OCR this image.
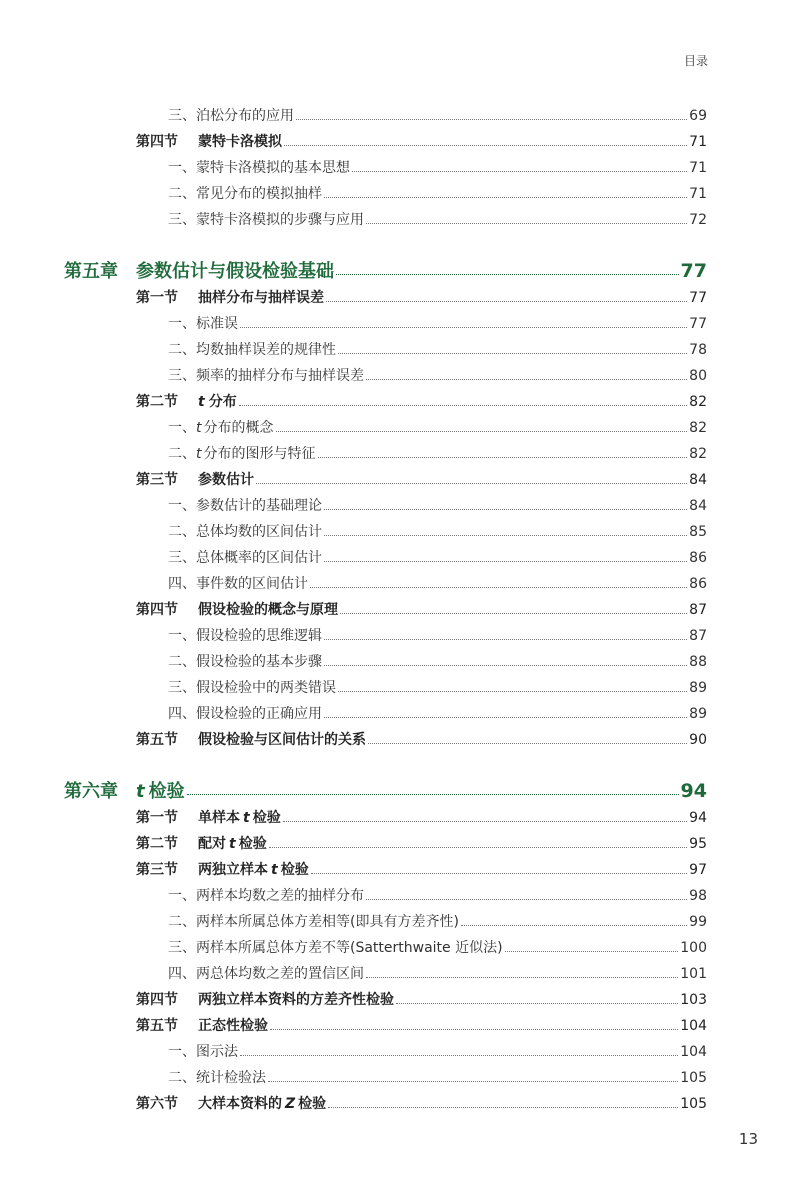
目录
三、泊松分布的应用	69
第四节 蒙特卡洛模拟	71
一、蒙特卡洛模拟的基本思想	71
二、常见分布的模拟抽样	71
三、蒙特卡洛模拟的步骤与应用	72
第五章 参数估计与假设检验基础	77
第一节 抽样分布与抽样误差	77
一、标准误	77
二、均数抽样误差的规律性	78
三、频率的抽样分布与抽样误差	80
第二节 t 分布	82
一、t 分布的概念	82
二、t 分布的图形与特征	82
第三节 参数估计	84
一、参数估计的基础理论	84
二、总体均数的区间估计	85
三、总体概率的区间估计	86
四、事件数的区间估计	86
第四节 假设检验的概念与原理	87
一、假设检验的思维逻辑	87
二、假设检验的基本步骤	88
三、假设检验中的两类错误	89
四、假设检验的正确应用	89
第五节 假设检验与区间估计的关系	90
第六章 t 检验	94
第一节 单样本 t 检验	94
第二节 配对 t 检验	95
第三节 两独立样本 t 检验	97
一、两样本均数之差的抽样分布	98
二、两样本所属总体方差相等(即具有方差齐性)	99
三、两样本所属总体方差不等(Satterthwaite 近似法)	100
四、两总体均数之差的置信区间	101
第四节 两独立样本资料的方差齐性检验	103
第五节 正态性检验	104
一、图示法	104
二、统计检验法	105
第六节 大样本资料的 Z 检验	105
13
